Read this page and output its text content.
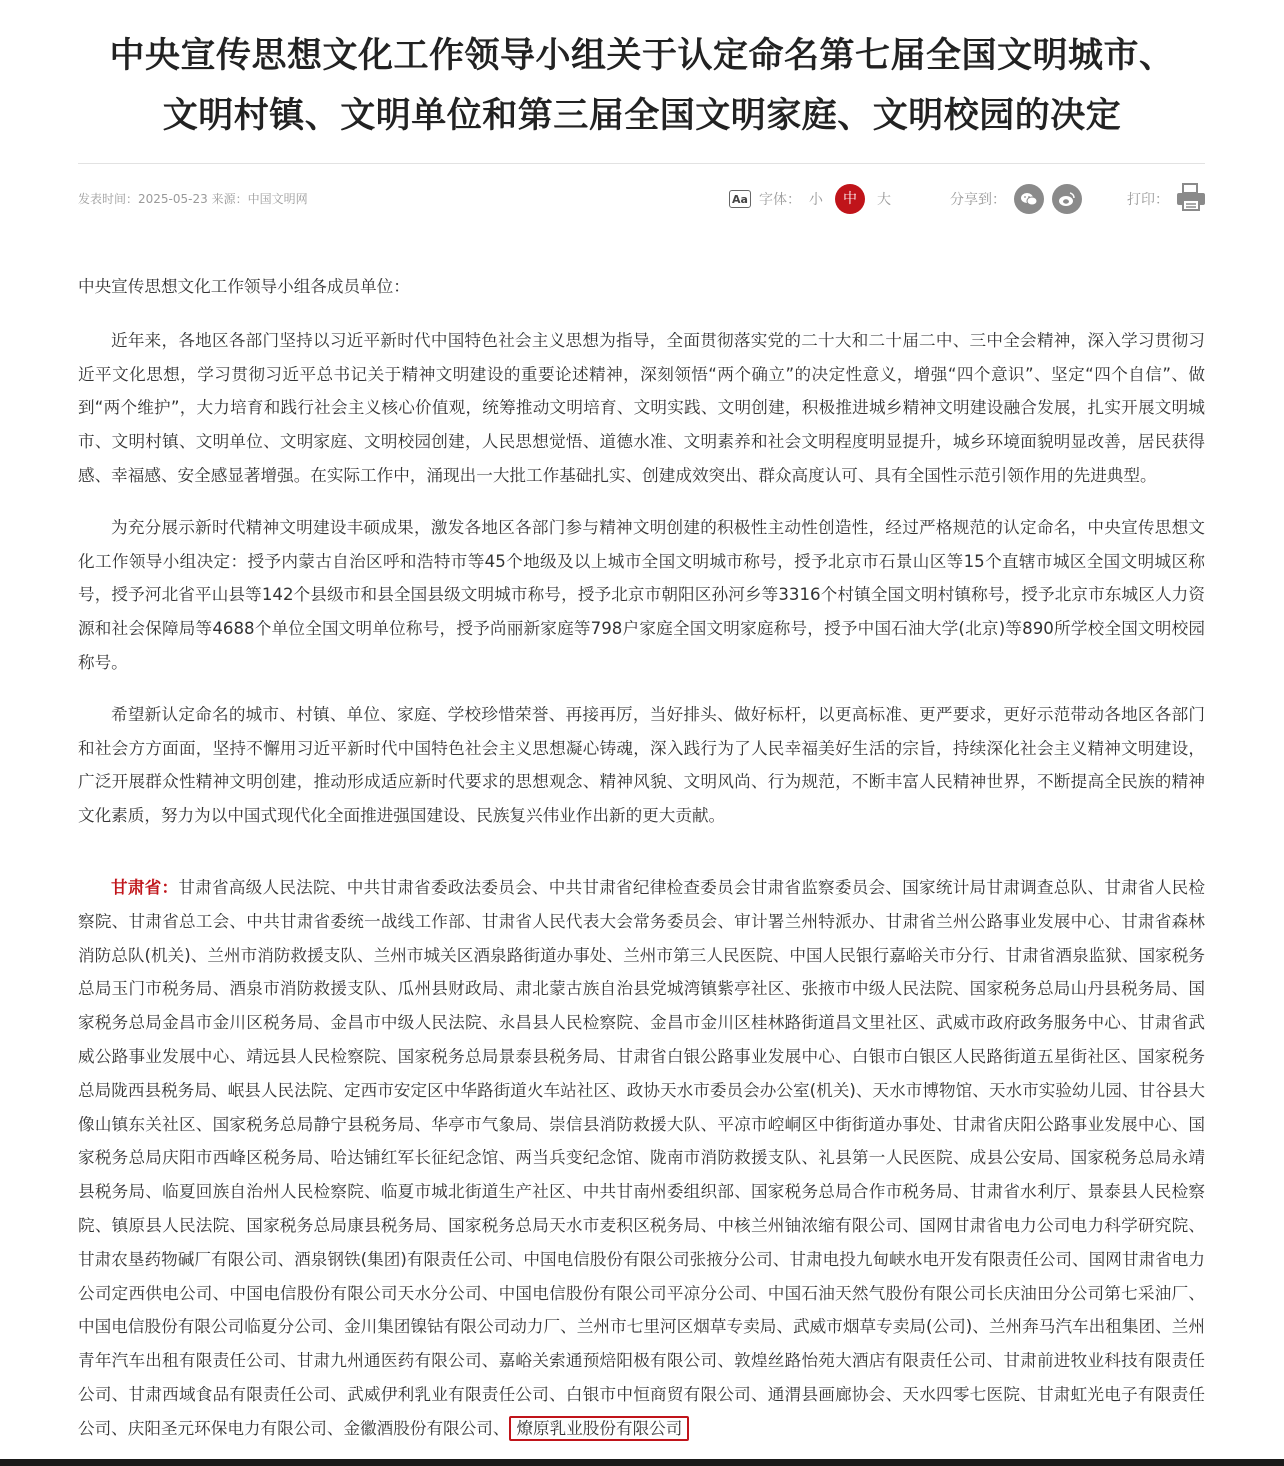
中央宣传思想文化工作领导小组关于认定命名第七届全国文明城市、
文明村镇、文明单位和第三届全国文明家庭、文明校园的决定
发表时间：2025-05-23 来源：中国文明网	Aa 字体： 小	中	大	分享到：	打印：

中央宣传思想文化工作领导小组各成员单位：

近年来，各地区各部门坚持以习近平新时代中国特色社会主义思想为指导，全面贯彻落实党的二十大和二十届二中、三中全会精神，深入学习贯彻习近平文化思想，学习贯彻习近平总书记关于精神文明建设的重要论述精神，深刻领悟“两个确立”的决定性意义，增强“四个意识”、坚定“四个自信”、做到“两个维护”，大力培育和践行社会主义核心价值观，统筹推动文明培育、文明实践、文明创建，积极推进城乡精神文明建设融合发展，扎实开展文明城市、文明村镇、文明单位、文明家庭、文明校园创建，人民思想觉悟、道德水准、文明素养和社会文明程度明显提升，城乡环境面貌明显改善，居民获得感、幸福感、安全感显著增强。在实际工作中，涌现出一大批工作基础扎实、创建成效突出、群众高度认可、具有全国性示范引领作用的先进典型。

为充分展示新时代精神文明建设丰硕成果，激发各地区各部门参与精神文明创建的积极性主动性创造性，经过严格规范的认定命名，中央宣传思想文化工作领导小组决定：授予内蒙古自治区呼和浩特市等45个地级及以上城市全国文明城市称号，授予北京市石景山区等15个直辖市城区全国文明城区称号，授予河北省平山县等142个县级市和县全国县级文明城市称号，授予北京市朝阳区孙河乡等3316个村镇全国文明村镇称号，授予北京市东城区人力资源和社会保障局等4688个单位全国文明单位称号，授予尚丽新家庭等798户家庭全国文明家庭称号，授予中国石油大学(北京)等890所学校全国文明校园称号。

希望新认定命名的城市、村镇、单位、家庭、学校珍惜荣誉、再接再厉，当好排头、做好标杆，以更高标准、更严要求，更好示范带动各地区各部门和社会方方面面，坚持不懈用习近平新时代中国特色社会主义思想凝心铸魂，深入践行为了人民幸福美好生活的宗旨，持续深化社会主义精神文明建设，广泛开展群众性精神文明创建，推动形成适应新时代要求的思想观念、精神风貌、文明风尚、行为规范，不断丰富人民精神世界，不断提高全民族的精神文化素质，努力为以中国式现代化全面推进强国建设、民族复兴伟业作出新的更大贡献。

甘肃省：甘肃省高级人民法院、中共甘肃省委政法委员会、中共甘肃省纪律检查委员会甘肃省监察委员会、国家统计局甘肃调查总队、甘肃省人民检察院、甘肃省总工会、中共甘肃省委统一战线工作部、甘肃省人民代表大会常务委员会、审计署兰州特派办、甘肃省兰州公路事业发展中心、甘肃省森林消防总队(机关)、兰州市消防救援支队、兰州市城关区酒泉路街道办事处、兰州市第三人民医院、中国人民银行嘉峪关市分行、甘肃省酒泉监狱、国家税务总局玉门市税务局、酒泉市消防救援支队、瓜州县财政局、肃北蒙古族自治县党城湾镇紫亭社区、张掖市中级人民法院、国家税务总局山丹县税务局、国家税务总局金昌市金川区税务局、金昌市中级人民法院、永昌县人民检察院、金昌市金川区桂林路街道昌文里社区、武威市政府政务服务中心、甘肃省武威公路事业发展中心、靖远县人民检察院、国家税务总局景泰县税务局、甘肃省白银公路事业发展中心、白银市白银区人民路街道五星街社区、国家税务总局陇西县税务局、岷县人民法院、定西市安定区中华路街道火车站社区、政协天水市委员会办公室(机关)、天水市博物馆、天水市实验幼儿园、甘谷县大像山镇东关社区、国家税务总局静宁县税务局、华亭市气象局、崇信县消防救援大队、平凉市崆峒区中街街道办事处、甘肃省庆阳公路事业发展中心、国家税务总局庆阳市西峰区税务局、哈达铺红军长征纪念馆、两当兵变纪念馆、陇南市消防救援支队、礼县第一人民医院、成县公安局、国家税务总局永靖县税务局、临夏回族自治州人民检察院、临夏市城北街道生产社区、中共甘南州委组织部、国家税务总局合作市税务局、甘肃省水利厅、景泰县人民检察院、镇原县人民法院、国家税务总局康县税务局、国家税务总局天水市麦积区税务局、中核兰州铀浓缩有限公司、国网甘肃省电力公司电力科学研究院、甘肃农垦药物碱厂有限公司、酒泉钢铁(集团)有限责任公司、中国电信股份有限公司张掖分公司、甘肃电投九甸峡水电开发有限责任公司、国网甘肃省电力公司定西供电公司、中国电信股份有限公司天水分公司、中国电信股份有限公司平凉分公司、中国石油天然气股份有限公司长庆油田分公司第七采油厂、中国电信股份有限公司临夏分公司、金川集团镍钴有限公司动力厂、兰州市七里河区烟草专卖局、武威市烟草专卖局(公司)、兰州奔马汽车出租集团、兰州青年汽车出租有限责任公司、甘肃九州通医药有限公司、嘉峪关索通预焙阳极有限公司、敦煌丝路怡苑大酒店有限责任公司、甘肃前进牧业科技有限责任公司、甘肃西域食品有限责任公司、武威伊利乳业有限责任公司、白银市中恒商贸有限公司、通渭县画廊协会、天水四零七医院、甘肃虹光电子有限责任公司、庆阳圣元环保电力有限公司、金徽酒股份有限公司、 燎原乳业股份有限公司
